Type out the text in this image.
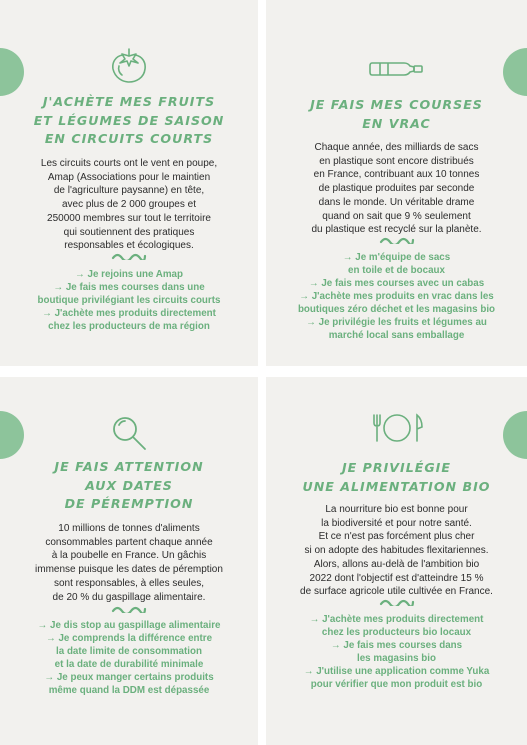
J'ACHÈTE MES FRUITS
ET LÉGUMES DE SAISON
EN CIRCUITS COURTS

Les circuits courts ont le vent en poupe,
Amap (Associations pour le maintien
de l'agriculture paysanne) en tête,
avec plus de 2 000 groupes et
250000 membres sur tout le territoire
qui soutiennent des pratiques
responsables et écologiques.

→ Je rejoins une Amap
→ Je fais mes courses dans une
boutique privilégiant les circuits courts
→ J'achète mes produits directement
chez les producteurs de ma région

JE FAIS MES COURSES
EN VRAC

Chaque année, des milliards de sacs
en plastique sont encore distribués
en France, contribuant aux 10 tonnes
de plastique produites par seconde
dans le monde. Un véritable drame
quand on sait que 9 % seulement
du plastique est recyclé sur la planète.

→ Je m'équipe de sacs
en toile et de bocaux
→ Je fais mes courses avec un cabas
→ J'achète mes produits en vrac dans les
boutiques zéro déchet et les magasins bio
→ Je privilégie les fruits et légumes au
marché local sans emballage

JE FAIS ATTENTION
AUX DATES
DE PÉREMPTION

10 millions de tonnes d'aliments
consommables partent chaque année
à la poubelle en France. Un gâchis
immense puisque les dates de péremption
sont responsables, à elles seules,
de 20 % du gaspillage alimentaire.

→ Je dis stop au gaspillage alimentaire
→ Je comprends la différence entre
la date limite de consommation
et la date de durabilité minimale
→ Je peux manger certains produits
même quand la DDM est dépassée

JE PRIVILÉGIE
UNE ALIMENTATION BIO

La nourriture bio est bonne pour
la biodiversité et pour notre santé.
Et ce n'est pas forcément plus cher
si on adopte des habitudes flexitariennes.
Alors, allons au-delà de l'ambition bio
2022 dont l'objectif est d'atteindre 15 %
de surface agricole utile cultivée en France.

→ J'achète mes produits directement
chez les producteurs bio locaux
→ Je fais mes courses dans
les magasins bio
→ J'utilise une application comme Yuka
pour vérifier que mon produit est bio
